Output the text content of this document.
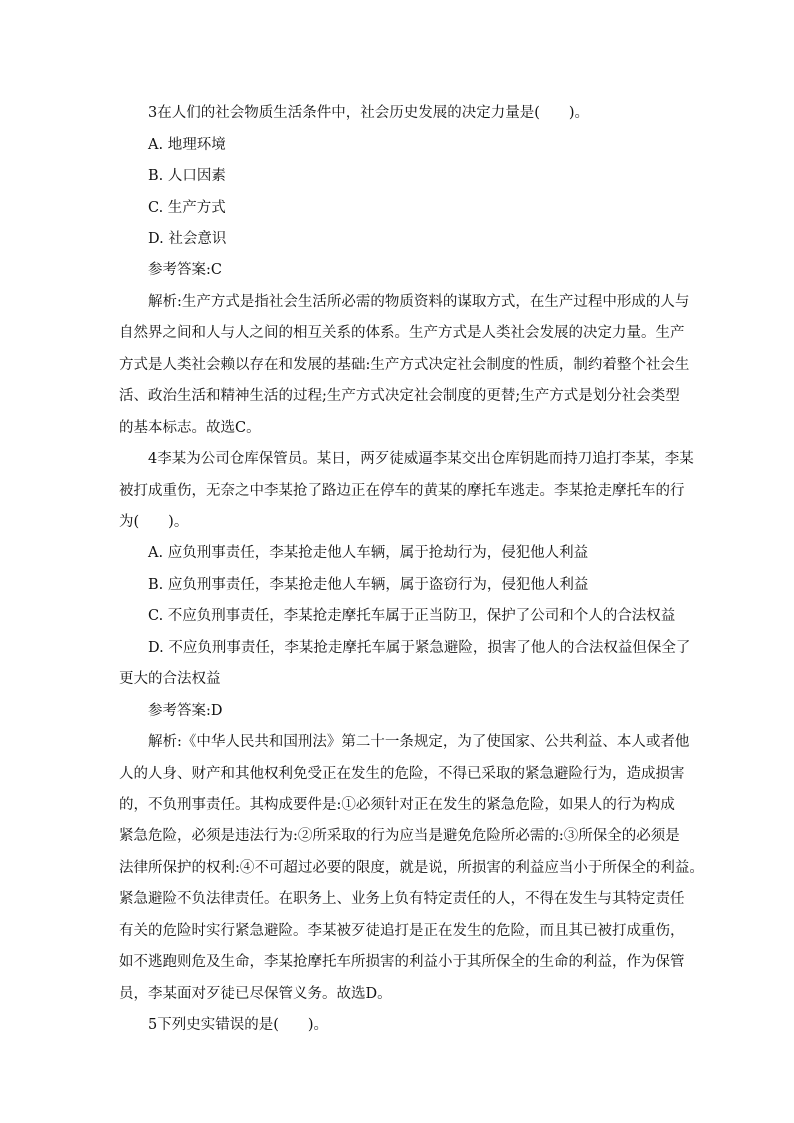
3在人们的社会物质生活条件中，社会历史发展的决定力量是(　　)。
A. 地理环境
B. 人口因素
C. 生产方式
D. 社会意识
参考答案:C
解析:生产方式是指社会生活所必需的物质资料的谋取方式，在生产过程中形成的人与
自然界之间和人与人之间的相互关系的体系。生产方式是人类社会发展的决定力量。生产
方式是人类社会赖以存在和发展的基础:生产方式决定社会制度的性质，制约着整个社会生
活、政治生活和精神生活的过程;生产方式决定社会制度的更替;生产方式是划分社会类型
的基本标志。故选C。
4李某为公司仓库保管员。某日，两歹徒威逼李某交出仓库钥匙而持刀追打李某，李某
被打成重伤，无奈之中李某抢了路边正在停车的黄某的摩托车逃走。李某抢走摩托车的行
为(　　)。
A. 应负刑事责任，李某抢走他人车辆，属于抢劫行为，侵犯他人利益
B. 应负刑事责任，李某抢走他人车辆，属于盗窃行为，侵犯他人利益
C. 不应负刑事责任，李某抢走摩托车属于正当防卫，保护了公司和个人的合法权益
D. 不应负刑事责任，李某抢走摩托车属于紧急避险，损害了他人的合法权益但保全了
更大的合法权益
参考答案:D
解析:《中华人民共和国刑法》第二十一条规定，为了使国家、公共利益、本人或者他
人的人身、财产和其他权利免受正在发生的危险，不得已采取的紧急避险行为，造成损害
的，不负刑事责任。其构成要件是:①必须针对正在发生的紧急危险，如果人的行为构成
紧急危险，必须是违法行为:②所采取的行为应当是避免危险所必需的:③所保全的必须是
法律所保护的权利:④不可超过必要的限度，就是说，所损害的利益应当小于所保全的利益。
紧急避险不负法律责任。在职务上、业务上负有特定责任的人，不得在发生与其特定责任
有关的危险时实行紧急避险。李某被歹徒追打是正在发生的危险，而且其已被打成重伤，
如不逃跑则危及生命，李某抢摩托车所损害的利益小于其所保全的生命的利益，作为保管
员，李某面对歹徒已尽保管义务。故选D。
5下列史实错误的是(　　)。
